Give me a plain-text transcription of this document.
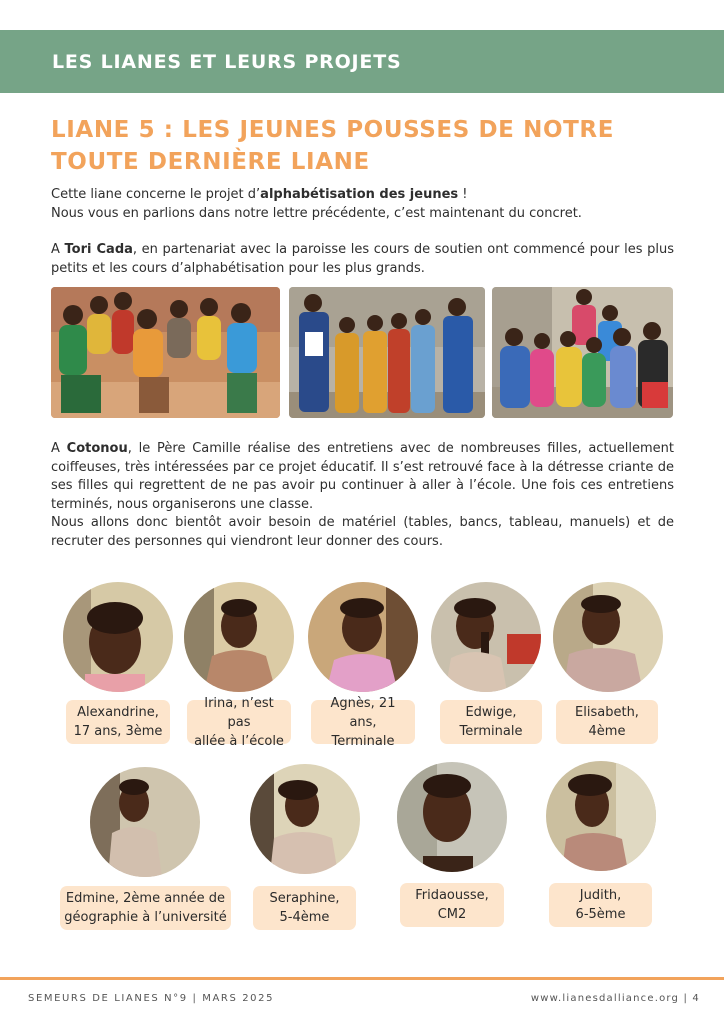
LES LIANES ET LEURS PROJETS
LIANE 5 : LES JEUNES POUSSES DE NOTRE
TOUTE DERNIÈRE LIANE
Cette liane concerne le projet d’alphabétisation des jeunes !
Nous vous en parlions dans notre lettre précédente, c’est maintenant du concret.
A Tori Cada, en partenariat avec la paroisse les cours de soutien ont commencé pour les plus petits et les cours d’alphabétisation pour les plus grands.
A Cotonou, le Père Camille réalise des entretiens avec de nombreuses filles, actuellement coiffeuses, très intéressées par ce projet éducatif. Il s’est retrouvé face à la détresse criante de ses filles qui regrettent de ne pas avoir pu continuer à aller à l’école. Une fois ces entretiens terminés, nous organiserons une classe.
Nous allons donc bientôt avoir besoin de matériel (tables, bancs, tableau, manuels) et de recruter des personnes qui viendront leur donner des cours.
Alexandrine,
17 ans, 3ème
Irina, n’est pas
allée à l’école
Agnès, 21 ans,
Terminale
Edwige,
Terminale
Elisabeth,
4ème
Edmine, 2ème année de
géographie à l’université
Seraphine,
5-4ème
Fridaousse,
CM2
Judith,
6-5ème
SEMEURS DE LIANES N°9 | MARS 2025	www.lianesdalliance.org | 4
